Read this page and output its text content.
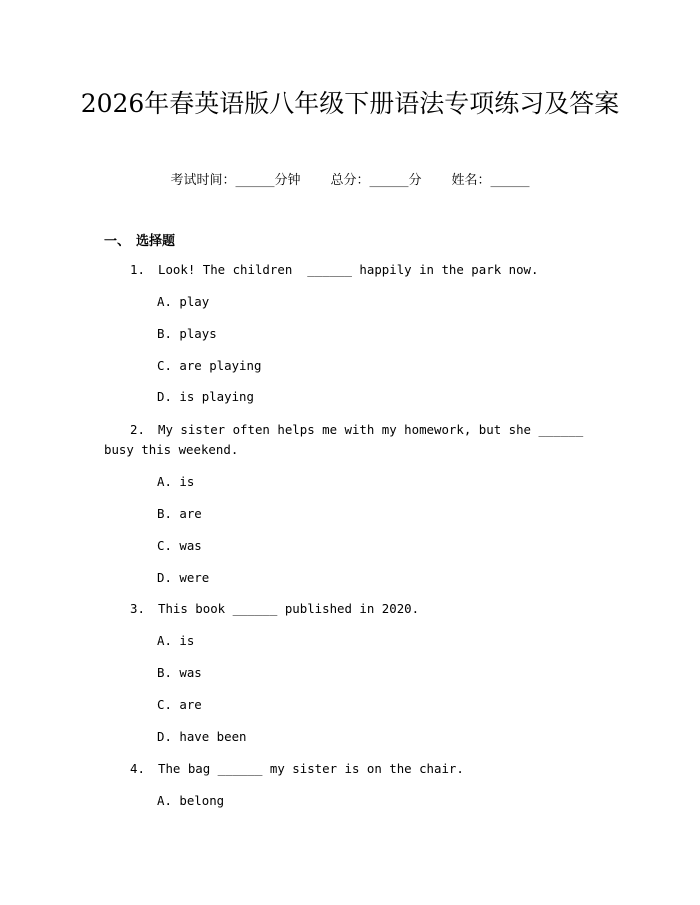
2026年春英语版八年级下册语法专项练习及答案
考试时间：______分钟 总分：______分 姓名：______
一、 选择题
1. Look! The children  ______ happily in the park now.
A. play
B. plays
C. are playing
D. is playing
2. My sister often helps me with my homework, but she ______ busy this weekend.
A. is
B. are
C. was
D. were
3. This book ______ published in 2020.
A. is
B. was
C. are
D. have been
4. The bag ______ my sister is on the chair.
A. belong
